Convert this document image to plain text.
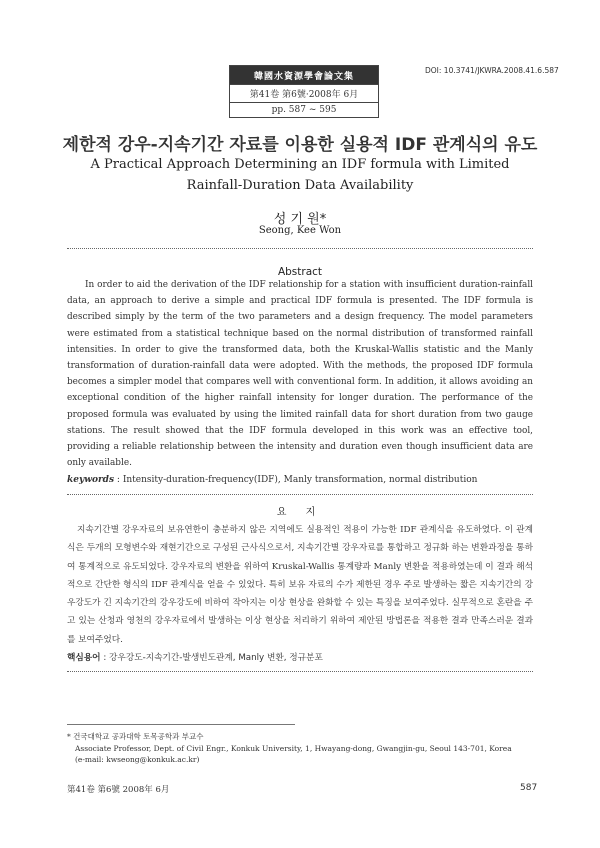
韓國水資源學會論文集
第41卷 第6號·2008年 6月
pp. 587 ~ 595
DOI: 10.3741/JKWRA.2008.41.6.587
제한적 강우-지속기간 자료를 이용한 실용적 IDF 관계식의 유도
A Practical Approach Determining an IDF formula with Limited
Rainfall-Duration Data Availability
성 기 원*
Seong, Kee Won
Abstract
In order to aid the derivation of the IDF relationship for a station with insufficient duration-rainfall data, an approach to derive a simple and practical IDF formula is presented. The IDF formula is described simply by the term of the two parameters and a design frequency. The model parameters were estimated from a statistical technique based on the normal distribution of transformed rainfall intensities. In order to give the transformed data, both the Kruskal-Wallis statistic and the Manly transformation of duration-rainfall data were adopted. With the methods, the proposed IDF formula becomes a simpler model that compares well with conventional form. In addition, it allows avoiding an exceptional condition of the higher rainfall intensity for longer duration. The performance of the proposed formula was evaluated by using the limited rainfall data for short duration from two gauge stations. The result showed that the IDF formula developed in this work was an effective tool, providing a reliable relationship between the intensity and duration even though insufficient data are only available.
keywords : Intensity-duration-frequency(IDF), Manly transformation, normal distribution
요 지
지속기간별 강우자료의 보유연한이 충분하지 않은 지역에도 실용적인 적용이 가능한 IDF 관계식을 유도하였다. 이 관계식은 두개의 모형변수와 재현기간으로 구성된 근사식으로서, 지속기간별 강우자료를 통합하고 정규화 하는 변환과정을 통하여 통계적으로 유도되었다. 강우자료의 변환을 위하여 Kruskal-Wallis 통계량과 Manly 변환을 적용하였는데 이 결과 해석적으로 간단한 형식의 IDF 관계식을 얻을 수 있었다. 특히 보유 자료의 수가 제한된 경우 주로 발생하는 짧은 지속기간의 강우강도가 긴 지속기간의 강우강도에 비하여 작아지는 이상 현상을 완화할 수 있는 특징을 보여주었다. 실무적으로 혼란을 주고 있는 산청과 영천의 강우자료에서 발생하는 이상 현상을 처리하기 위하여 제안된 방법론을 적용한 결과 만족스러운 결과를 보여주었다.
핵심용어 : 강우강도-지속기간-발생빈도관계, Manly 변환, 정규분포
* 건국대학교 공과대학 토목공학과 부교수
Associate Professor, Dept. of Civil Engr., Konkuk University, 1, Hwayang-dong, Gwangjin-gu, Seoul 143-701, Korea
(e-mail: kwseong@konkuk.ac.kr)
第41卷 第6號 2008年 6月	587
